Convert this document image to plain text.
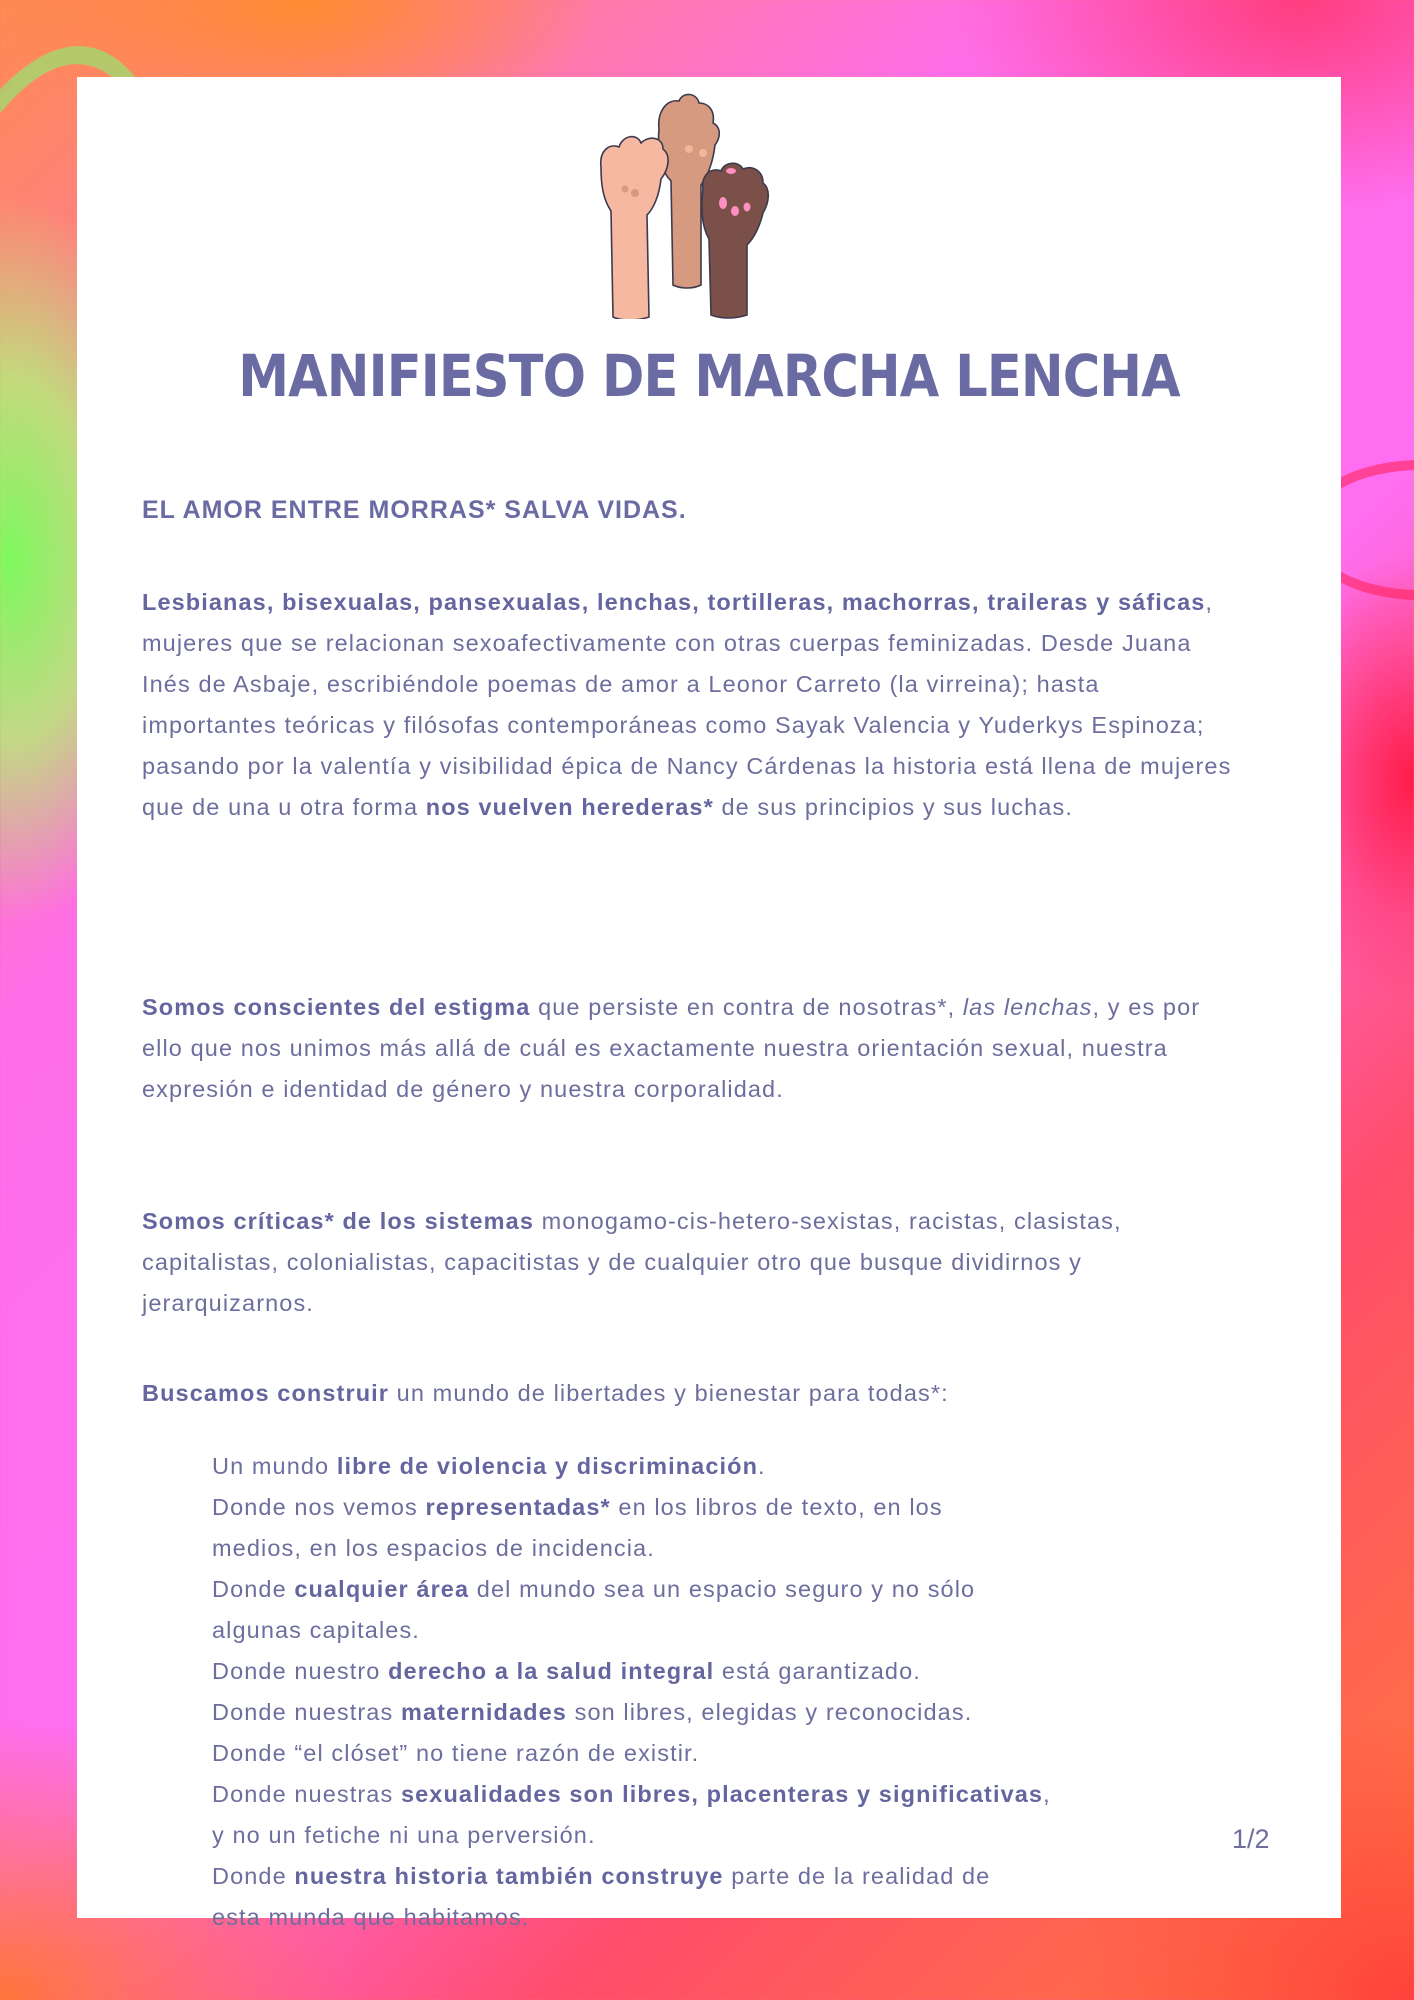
MANIFIESTO DE MARCHA LENCHA
EL AMOR ENTRE MORRAS* SALVA VIDAS.

Lesbianas, bisexualas, pansexualas, lenchas, tortilleras, machorras, traileras y sáficas, mujeres que se relacionan sexoafectivamente con otras cuerpas feminizadas. Desde Juana Inés de Asbaje, escribiéndole poemas de amor a Leonor Carreto (la virreina); hasta importantes teóricas y filósofas contemporáneas como Sayak Valencia y Yuderkys Espinoza; pasando por la valentía y visibilidad épica de Nancy Cárdenas la historia está llena de mujeres que de una u otra forma nos vuelven herederas* de sus principios y sus luchas.

Somos conscientes del estigma que persiste en contra de nosotras*, las lenchas, y es por ello que nos unimos más allá de cuál es exactamente nuestra orientación sexual, nuestra expresión e identidad de género y nuestra corporalidad.

Somos críticas* de los sistemas monogamo-cis-hetero-sexistas, racistas, clasistas, capitalistas, colonialistas, capacitistas y de cualquier otro que busque dividirnos y jerarquizarnos.

Buscamos construir un mundo de libertades y bienestar para todas*:

Un mundo libre de violencia y discriminación.
Donde nos vemos representadas* en los libros de texto, en los
medios, en los espacios de incidencia.
Donde cualquier área del mundo sea un espacio seguro y no sólo
algunas capitales.
Donde nuestro derecho a la salud integral está garantizado.
Donde nuestras maternidades son libres, elegidas y reconocidas.
Donde “el clóset” no tiene razón de existir.
Donde nuestras sexualidades son libres, placenteras y significativas,
y no un fetiche ni una perversión.
Donde nuestra historia también construye parte de la realidad de
esta munda que habitamos.
1/2
